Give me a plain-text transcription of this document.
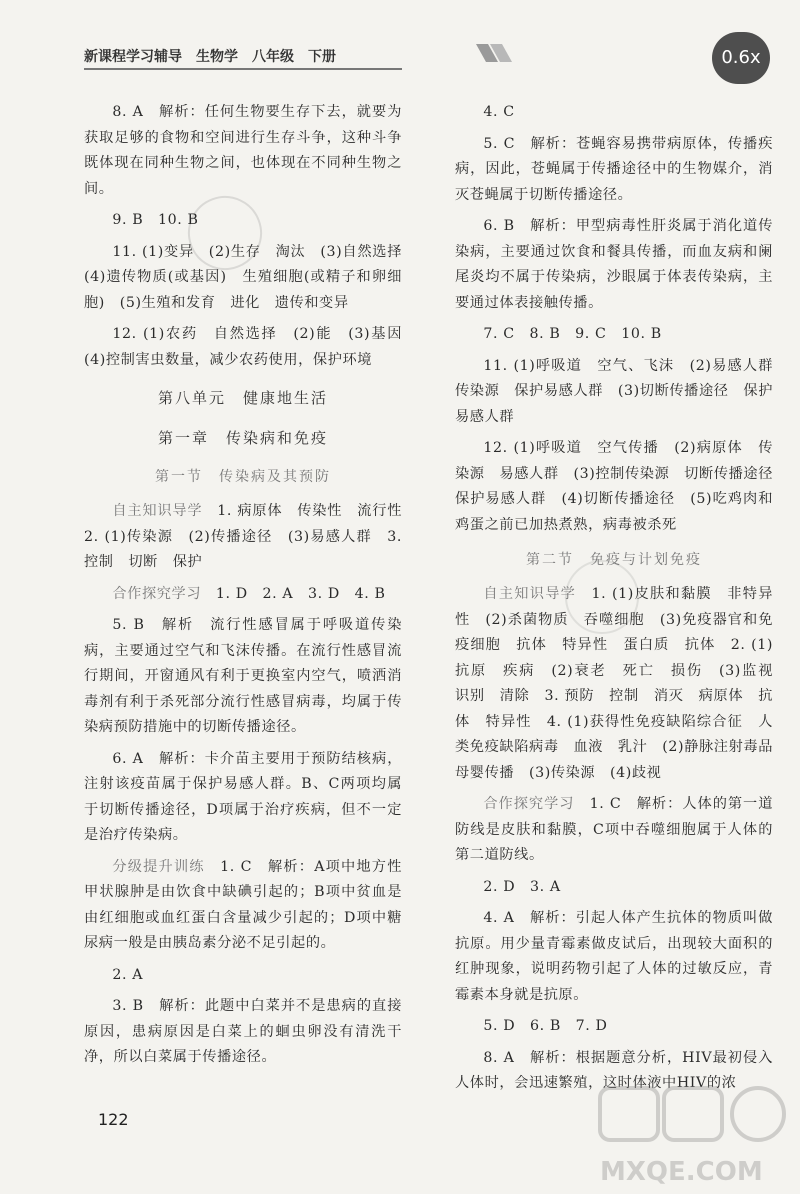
新课程学习辅导　生物学　八年级　下册	0.6x

8. A　解析：任何生物要生存下去，就要为获取足够的食物和空间进行生存斗争，这种斗争既体现在同种生物之间，也体现在不同种生物之间。

9. B　10. B

11. (1)变异　(2)生存　淘汰　(3)自然选择　(4)遗传物质(或基因)　生殖细胞(或精子和卵细胞)　(5)生殖和发育　进化　遗传和变异

12. (1)农药　自然选择　(2)能　(3)基因　(4)控制害虫数量，减少农药使用，保护环境

第八单元　健康地生活
第一章　传染病和免疫
第一节　传染病及其预防

自主知识导学　1. 病原体　传染性　流行性　2. (1)传染源　(2)传播途径　(3)易感人群　3. 控制　切断　保护

合作探究学习　1. D　2. A　3. D　4. B

5. B　解析　流行性感冒属于呼吸道传染病，主要通过空气和飞沫传播。在流行性感冒流行期间，开窗通风有利于更换室内空气，喷洒消毒剂有利于杀死部分流行性感冒病毒，均属于传染病预防措施中的切断传播途径。

6. A　解析：卡介苗主要用于预防结核病，注射该疫苗属于保护易感人群。B、C两项均属于切断传播途径，D项属于治疗疾病，但不一定是治疗传染病。

分级提升训练　1. C　解析：A项中地方性甲状腺肿是由饮食中缺碘引起的；B项中贫血是由红细胞或血红蛋白含量减少引起的；D项中糖尿病一般是由胰岛素分泌不足引起的。

2. A

3. B　解析：此题中白菜并不是患病的直接原因，患病原因是白菜上的蛔虫卵没有清洗干净，所以白菜属于传播途径。

4. C

5. C　解析：苍蝇容易携带病原体，传播疾病，因此，苍蝇属于传播途径中的生物媒介，消灭苍蝇属于切断传播途径。

6. B　解析：甲型病毒性肝炎属于消化道传染病，主要通过饮食和餐具传播，而血友病和阑尾炎均不属于传染病，沙眼属于体表传染病，主要通过体表接触传播。

7. C　8. B　9. C　10. B

11. (1)呼吸道　空气、飞沫　(2)易感人群　传染源　保护易感人群　(3)切断传播途径　保护易感人群

12. (1)呼吸道　空气传播　(2)病原体　传染源　易感人群　(3)控制传染源　切断传播途径　保护易感人群　(4)切断传播途径　(5)吃鸡肉和鸡蛋之前已加热煮熟，病毒被杀死

第二节　免疫与计划免疫

自主知识导学　1. (1)皮肤和黏膜　非特异性　(2)杀菌物质　吞噬细胞　(3)免疫器官和免疫细胞　抗体　特异性　蛋白质　抗体　2. (1)抗原　疾病　(2)衰老　死亡　损伤　(3)监视　识别　清除　3. 预防　控制　消灭　病原体　抗体　特异性　4. (1)获得性免疫缺陷综合征　人类免疫缺陷病毒　血液　乳汁　(2)静脉注射毒品　母婴传播　(3)传染源　(4)歧视

合作探究学习　1. C　解析：人体的第一道防线是皮肤和黏膜，C项中吞噬细胞属于人体的第二道防线。

2. D　3. A

4. A　解析：引起人体产生抗体的物质叫做抗原。用少量青霉素做皮试后，出现较大面积的红肿现象，说明药物引起了人体的过敏反应，青霉素本身就是抗原。

5. D　6. B　7. D

8. A　解析：根据题意分析，HIV最初侵入人体时，会迅速繁殖，这时体液中HIV的浓

122
MXQE.COM
